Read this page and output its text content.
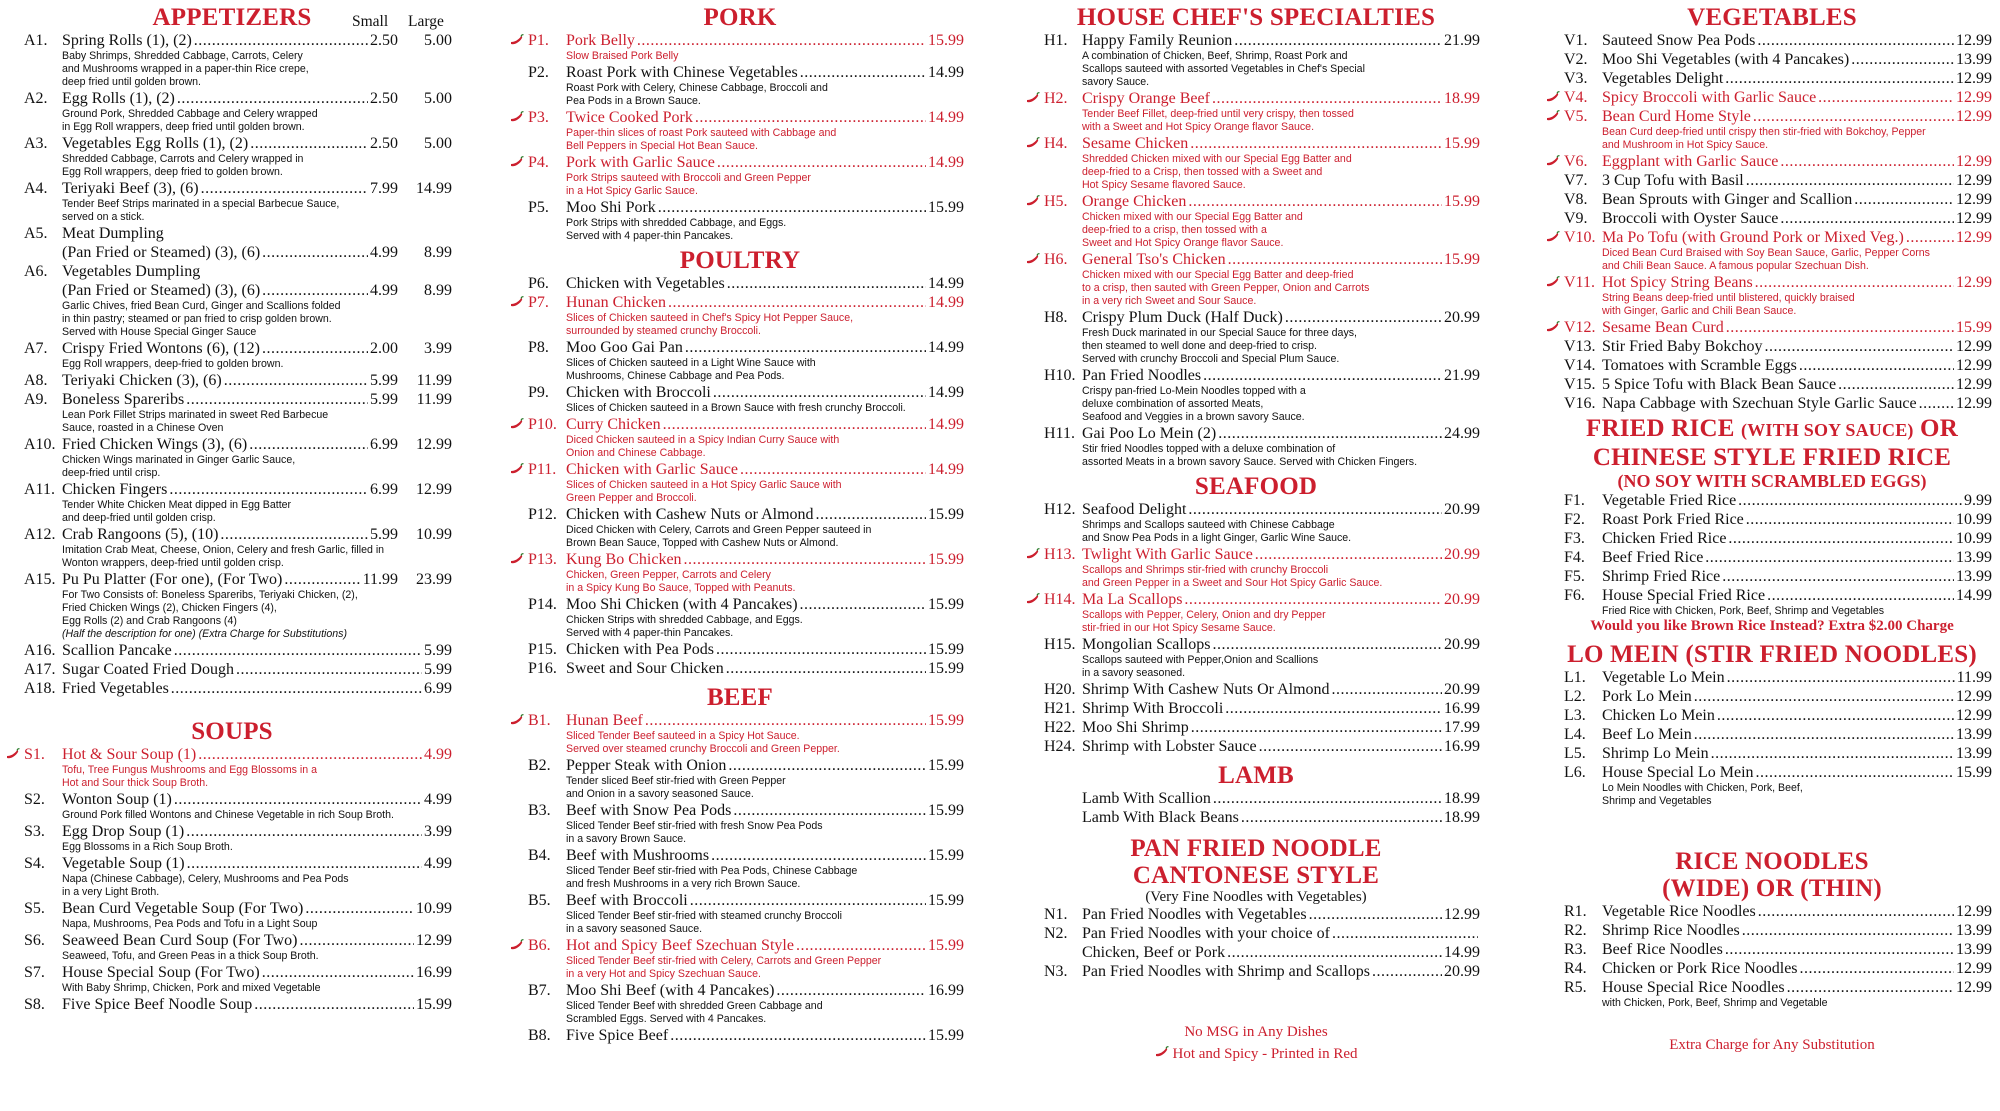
APPETIZERS	Small Large
A1. Spring Rolls (1), (2) .....	2.50	5.00
Baby Shrimps, Shredded Cabbage, Carrots, Celery
and Mushrooms wrapped in a paper-thin Rice crepe,
deep fried until golden brown.
A2. Egg Rolls (1), (2) .....	2.50	5.00
Ground Pork, Shredded Cabbage and Celery wrapped
in Egg Roll wrappers, deep fried until golden brown.
A3. Vegetables Egg Rolls (1), (2) .....	2.50	5.00
Shredded Cabbage, Carrots and Celery wrapped in
Egg Roll wrappers, deep fried to golden brown.
A4. Teriyaki Beef (3), (6) .....	7.99	14.99
Tender Beef Strips marinated in a special Barbecue Sauce,
served on a stick.
A5. Meat Dumpling
(Pan Fried or Steamed) (3), (6) .....	4.99	8.99
A6. Vegetables Dumpling
(Pan Fried or Steamed) (3), (6) .....	4.99	8.99
Garlic Chives, fried Bean Curd, Ginger and Scallions folded
in thin pastry; steamed or pan fried to crisp golden brown.
Served with House Special Ginger Sauce
A7. Crispy Fried Wontons (6), (12) .....	2.00	3.99
Egg Roll wrappers, deep-fried to golden brown.
A8. Teriyaki Chicken (3), (6) .....	5.99	11.99
A9. Boneless Spareribs .....	5.99	11.99
Lean Pork Fillet Strips marinated in sweet Red Barbecue
Sauce, roasted in a Chinese Oven
A10. Fried Chicken Wings (3), (6) .....	6.99	12.99
Chicken Wings marinated in Ginger Garlic Sauce,
deep-fried until crisp.
A11. Chicken Fingers .....	6.99	12.99
Tender White Chicken Meat dipped in Egg Batter
and deep-fried until golden crisp.
A12. Crab Rangoons (5), (10) .....	5.99	10.99
Imitation Crab Meat, Cheese, Onion, Celery and fresh Garlic, filled in
Wonton wrappers, deep-fried until golden crisp.
A15. Pu Pu Platter (For one), (For Two) .....	11.99	23.99
For Two Consists of: Boneless Spareribs, Teriyaki Chicken, (2),
Fried Chicken Wings (2), Chicken Fingers (4),
Egg Rolls (2) and Crab Rangoons (4)
(Half the description for one) (Extra Charge for Substitutions)
A16. Scallion Pancake .....	5.99
A17. Sugar Coated Fried Dough .....	5.99
A18. Fried Vegetables .....	6.99
SOUPS
S1. Hot & Sour Soup (1) .....	4.99
Tofu, Tree Fungus Mushrooms and Egg Blossoms in a
Hot and Sour thick Soup Broth.
S2. Wonton Soup (1) .....	4.99
Ground Pork filled Wontons and Chinese Vegetable in rich Soup Broth.
S3. Egg Drop Soup (1) .....	3.99
Egg Blossoms in a Rich Soup Broth.
S4. Vegetable Soup (1) .....	4.99
Napa (Chinese Cabbage), Celery, Mushrooms and Pea Pods
in a very Light Broth.
S5. Bean Curd Vegetable Soup (For Two) .....	10.99
Napa, Mushrooms, Pea Pods and Tofu in a Light Soup
S6. Seaweed Bean Curd Soup (For Two) .....	12.99
Seaweed, Tofu, and Green Peas in a thick Soup Broth.
S7. House Special Soup (For Two) .....	16.99
With Baby Shrimp, Chicken, Pork and mixed Vegetable
S8. Five Spice Beef Noodle Soup .....	15.99
PORK
P1. Pork Belly .....	15.99
Slow Braised Pork Belly
P2. Roast Pork with Chinese Vegetables .....	14.99
Roast Pork with Celery, Chinese Cabbage, Broccoli and
Pea Pods in a Brown Sauce.
P3. Twice Cooked Pork .....	14.99
Paper-thin slices of roast Pork sauteed with Cabbage and
Bell Peppers in Special Hot Bean Sauce.
P4. Pork with Garlic Sauce .....	14.99
Pork Strips sauteed with Broccoli and Green Pepper
in a Hot Spicy Garlic Sauce.
P5. Moo Shi Pork .....	15.99
Pork Strips with shredded Cabbage, and Eggs.
Served with 4 paper-thin Pancakes.
POULTRY
P6. Chicken with Vegetables .....	14.99
P7. Hunan Chicken .....	14.99
Slices of Chicken sauteed in Chef's Spicy Hot Pepper Sauce,
surrounded by steamed crunchy Broccoli.
P8. Moo Goo Gai Pan .....	14.99
Slices of Chicken sauteed in a Light Wine Sauce with
Mushrooms, Chinese Cabbage and Pea Pods.
P9. Chicken with Broccoli .....	14.99
Slices of Chicken sauteed in a Brown Sauce with fresh crunchy Broccoli.
P10. Curry Chicken .....	14.99
Diced Chicken sauteed in a Spicy Indian Curry Sauce with
Onion and Chinese Cabbage.
P11. Chicken with Garlic Sauce .....	14.99
Slices of Chicken sauteed in a Hot Spicy Garlic Sauce with
Green Pepper and Broccoli.
P12. Chicken with Cashew Nuts or Almond .....	15.99
Diced Chicken with Celery, Carrots and Green Pepper sauteed in
Brown Bean Sauce, Topped with Cashew Nuts or Almond.
P13. Kung Bo Chicken .....	15.99
Chicken, Green Pepper, Carrots and Celery
in a Spicy Kung Bo Sauce, Topped with Peanuts.
P14. Moo Shi Chicken (with 4 Pancakes) .....	15.99
Chicken Strips with shredded Cabbage, and Eggs.
Served with 4 paper-thin Pancakes.
P15. Chicken with Pea Pods .....	15.99
P16. Sweet and Sour Chicken .....	15.99
BEEF
B1. Hunan Beef .....	15.99
Sliced Tender Beef sauteed in a Spicy Hot Sauce.
Served over steamed crunchy Broccoli and Green Pepper.
B2. Pepper Steak with Onion .....	15.99
Tender sliced Beef stir-fried with Green Pepper
and Onion in a savory seasoned Sauce.
B3. Beef with Snow Pea Pods .....	15.99
Sliced Tender Beef stir-fried with fresh Snow Pea Pods
in a savory Brown Sauce.
B4. Beef with Mushrooms .....	15.99
Sliced Tender Beef stir-fried with Pea Pods, Chinese Cabbage
and fresh Mushrooms in a very rich Brown Sauce.
B5. Beef with Broccoli .....	15.99
Sliced Tender Beef stir-fried with steamed crunchy Broccoli
in a savory seasoned Sauce.
B6. Hot and Spicy Beef Szechuan Style .....	15.99
Sliced Tender Beef stir-fried with Celery, Carrots and Green Pepper
in a very Hot and Spicy Szechuan Sauce.
B7. Moo Shi Beef (with 4 Pancakes) .....	16.99
Sliced Tender Beef with shredded Green Cabbage and
Scrambled Eggs. Served with 4 Pancakes.
B8. Five Spice Beef .....	15.99
HOUSE CHEF'S SPECIALTIES
H1. Happy Family Reunion .....	21.99
A combination of Chicken, Beef, Shrimp, Roast Pork and
Scallops sauteed with assorted Vegetables in Chef's Special
savory Sauce.
H2. Crispy Orange Beef .....	18.99
Tender Beef Fillet, deep-fried until very crispy, then tossed
with a Sweet and Hot Spicy Orange flavor Sauce.
H4. Sesame Chicken .....	15.99
Shredded Chicken mixed with our Special Egg Batter and
deep-fried to a Crisp, then tossed with a Sweet and
Hot Spicy Sesame flavored Sauce.
H5. Orange Chicken .....	15.99
Chicken mixed with our Special Egg Batter and
deep-fried to a crisp, then tossed with a
Sweet and Hot Spicy Orange flavor Sauce.
H6. General Tso's Chicken .....	15.99
Chicken mixed with our Special Egg Batter and deep-fried
to a crisp, then sauted with Green Pepper, Onion and Carrots
in a very rich Sweet and Sour Sauce.
H8. Crispy Plum Duck (Half Duck) .....	20.99
Fresh Duck marinated in our Special Sauce for three days,
then steamed to well done and deep-fried to crisp.
Served with crunchy Broccoli and Special Plum Sauce.
H10. Pan Fried Noodles .....	21.99
Crispy pan-fried Lo-Mein Noodles topped with a
deluxe combination of assorted Meats,
Seafood and Veggies in a brown savory Sauce.
H11. Gai Poo Lo Mein (2) .....	24.99
Stir fried Noodles topped with a deluxe combination of
assorted Meats in a brown savory Sauce. Served with Chicken Fingers.
SEAFOOD
H12. Seafood Delight .....	20.99
Shrimps and Scallops sauteed with Chinese Cabbage
and Snow Pea Pods in a light Ginger, Garlic Wine Sauce.
H13. Twlight With Garlic Sauce .....	20.99
Scallops and Shrimps stir-fried with crunchy Broccoli
and Green Pepper in a Sweet and Sour Hot Spicy Garlic Sauce.
H14. Ma La Scallops .....	20.99
Scallops with Pepper, Celery, Onion and dry Pepper
stir-fried in our Hot Spicy Sesame Sauce.
H15. Mongolian Scallops .....	20.99
Scallops sauteed with Pepper,Onion and Scallions
in a savory seasoned.
H20. Shrimp With Cashew Nuts Or Almond .....	20.99
H21. Shrimp With Broccoli .....	16.99
H22. Moo Shi Shrimp .....	17.99
H24. Shrimp with Lobster Sauce .....	16.99
LAMB
Lamb With Scallion .....	18.99
Lamb With Black Beans .....	18.99
PAN FRIED NOODLE
CANTONESE STYLE
(Very Fine Noodles with Vegetables)
N1. Pan Fried Noodles with Vegetables .....	12.99
N2. Pan Fried Noodles with your choice of
.....
Chicken, Beef or Pork .....	14.99
N3. Pan Fried Noodles with Shrimp and Scallops .....	20.99
No MSG in Any Dishes
Hot and Spicy - Printed in Red
VEGETABLES
V1. Sauteed Snow Pea Pods .....	12.99
V2. Moo Shi Vegetables (with 4 Pancakes) .....	13.99
V3. Vegetables Delight .....	12.99
V4. Spicy Broccoli with Garlic Sauce .....	12.99
V5. Bean Curd Home Style .....	12.99
Bean Curd deep-fried until crispy then stir-fried with Bokchoy, Pepper
and Mushroom in Hot Spicy Sauce.
V6. Eggplant with Garlic Sauce .....	12.99
V7. 3 Cup Tofu with Basil .....	12.99
V8. Bean Sprouts with Ginger and Scallion .....	12.99
V9. Broccoli with Oyster Sauce .....	12.99
V10. Ma Po Tofu (with Ground Pork or Mixed Veg.) .....	12.99
Diced Bean Curd Braised with Soy Bean Sauce, Garlic, Pepper Corns
and Chili Bean Sauce. A famous popular Szechuan Dish.
V11. Hot Spicy String Beans .....	12.99
String Beans deep-fried until blistered, quickly braised
with Ginger, Garlic and Chili Bean Sauce.
V12. Sesame Bean Curd .....	15.99
V13. Stir Fried Baby Bokchoy .....	12.99
V14. Tomatoes with Scramble Eggs .....	12.99
V15. 5 Spice Tofu with Black Bean Sauce .....	12.99
V16. Napa Cabbage with Szechuan Style Garlic Sauce ..... 12.99
FRIED RICE (WITH SOY SAUCE) OR
CHINESE STYLE FRIED RICE
(NO SOY WITH SCRAMBLED EGGS)
F1. Vegetable Fried Rice .....	9.99
F2. Roast Pork Fried Rice .....	10.99
F3. Chicken Fried Rice .....	10.99
F4. Beef Fried Rice .....	13.99
F5. Shrimp Fried Rice .....	13.99
F6. House Special Fried Rice .....	14.99
Fried Rice with Chicken, Pork, Beef, Shrimp and Vegetables
Would you like Brown Rice Instead? Extra $2.00 Charge
LO MEIN (STIR FRIED NOODLES)
L1. Vegetable Lo Mein .....	11.99
L2. Pork Lo Mein .....	12.99
L3. Chicken Lo Mein .....	12.99
L4. Beef Lo Mein .....	13.99
L5. Shrimp Lo Mein .....	13.99
L6. House Special Lo Mein .....	15.99
Lo Mein Noodles with Chicken, Pork, Beef,
Shrimp and Vegetables
RICE NOODLES
(WIDE) OR (THIN)
R1. Vegetable Rice Noodles .....	12.99
R2. Shrimp Rice Noodles .....	13.99
R3. Beef Rice Noodles .....	13.99
R4. Chicken or Pork Rice Noodles .....	12.99
R5. House Special Rice Noodles .....	12.99
with Chicken, Pork, Beef, Shrimp and Vegetable
Extra Charge for Any Substitution
